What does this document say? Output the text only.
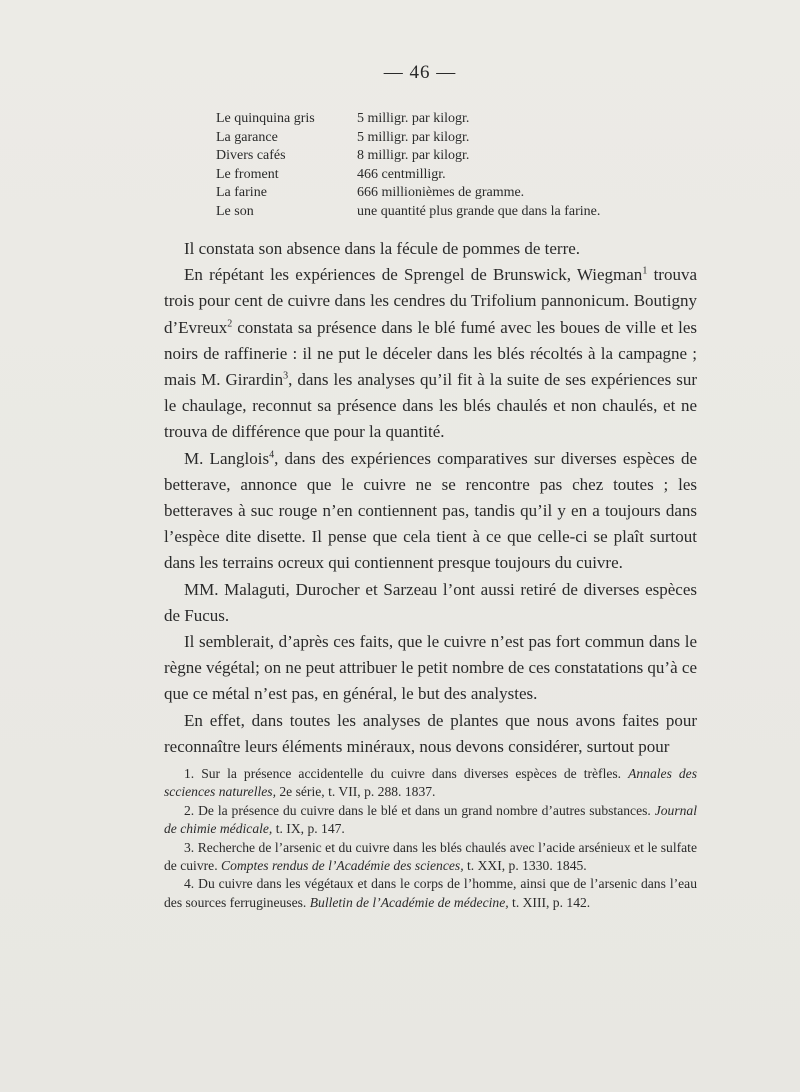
— 46 —
Le quinquina gris	5 milligr. par kilogr.
La garance	5 milligr. par kilogr.
Divers cafés	8 milligr. par kilogr.
Le froment	466 centmilligr.
La farine	666 millionièmes de gramme.
Le son	une quantité plus grande que dans la farine.

Il constata son absence dans la fécule de pommes de terre.

En répétant les expériences de Sprengel de Brunswick, Wiegman$^1$ trouva trois pour cent de cuivre dans les cendres du Trifolium pannonicum. Boutigny d’Evreux$^2$ constata sa présence dans le blé fumé avec les boues de ville et les noirs de raffinerie : il ne put le déceler dans les blés récoltés à la campagne ; mais M. Girardin$^3$, dans les analyses qu’il fit à la suite de ses expériences sur le chaulage, reconnut sa présence dans les blés chaulés et non chaulés, et ne trouva de différence que pour la quantité.

M. Langlois$^4$, dans des expériences comparatives sur diverses espèces de betterave, annonce que le cuivre ne se rencontre pas chez toutes ; les betteraves à suc rouge n’en contiennent pas, tandis qu’il y en a toujours dans l’espèce dite disette. Il pense que cela tient à ce que celle-ci se plaît surtout dans les terrains ocreux qui contiennent presque toujours du cuivre.

MM. Malaguti, Durocher et Sarzeau l’ont aussi retiré de diverses espèces de Fucus.

Il semblerait, d’après ces faits, que le cuivre n’est pas fort commun dans le règne végétal; on ne peut attribuer le petit nombre de ces constatations qu’à ce que ce métal n’est pas, en général, le but des analystes.

En effet, dans toutes les analyses de plantes que nous avons faites pour reconnaître leurs éléments minéraux, nous devons considérer, surtout pour

1. Sur la présence accidentelle du cuivre dans diverses espèces de trèfles. Annales des sсciences naturelles, 2e série, t. VII, p. 288. 1837.

2. De la présence du cuivre dans le blé et dans un grand nombre d’autres substances. Journal de chimie médicale, t. IX, p. 147.

3. Recherche de l’arsenic et du cuivre dans les blés chaulés avec l’acide arsénieux et le sulfate de cuivre. Comptes rendus de l’Académie des sciences, t. XXI, p. 1330. 1845.

4. Du cuivre dans les végétaux et dans le corps de l’homme, ainsi que de l’arsenic dans l’eau des sources ferrugineuses. Bulletin de l’Académie de médecine, t. XIII, p. 142.
